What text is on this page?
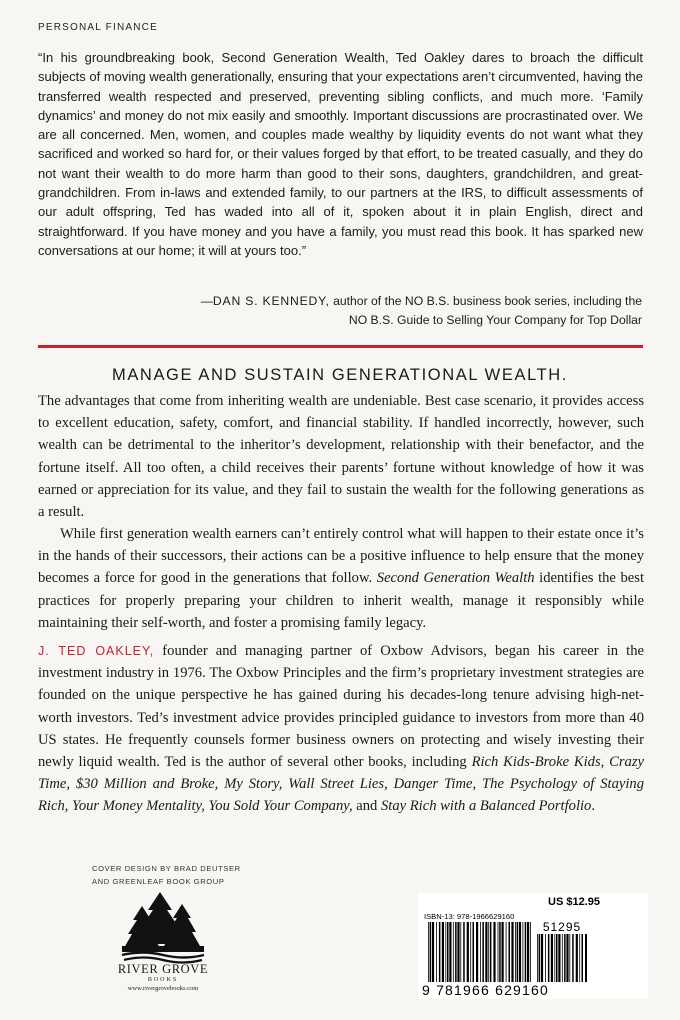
PERSONAL FINANCE
“In his groundbreaking book, Second Generation Wealth, Ted Oakley dares to broach the difficult subjects of moving wealth generationally, ensuring that your expectations aren’t circumvented, having the transferred wealth respected and preserved, preventing sibling conflicts, and much more. ‘Family dynamics’ and money do not mix easily and smoothly. Important discussions are procrastinated over. We are all concerned. Men, women, and couples made wealthy by liquidity events do not want what they sacrificed and worked so hard for, or their values forged by that effort, to be treated casually, and they do not want their wealth to do more harm than good to their sons, daughters, grandchildren, and great-grandchildren. From in-laws and extended family, to our partners at the IRS, to difficult assessments of our adult offspring, Ted has waded into all of it, spoken about it in plain English, direct and straightforward. If you have money and you have a family, you must read this book. It has sparked new conversations at our home; it will at yours too.”
—DAN S. KENNEDY, author of the NO B.S. business book series, including the
NO B.S. Guide to Selling Your Company for Top Dollar
MANAGE AND SUSTAIN GENERATIONAL WEALTH.

The advantages that come from inheriting wealth are undeniable. Best case scenario, it provides access to excellent education, safety, comfort, and financial stability. If handled incorrectly, however, such wealth can be detrimental to the inheritor’s development, relationship with their benefactor, and the fortune itself. All too often, a child receives their parents’ fortune without knowledge of how it was earned or appreciation for its value, and they fail to sustain the wealth for the following generations as a result.

While first generation wealth earners can’t entirely control what will happen to their estate once it’s in the hands of their successors, their actions can be a positive influence to help ensure that the money becomes a force for good in the generations that follow. Second Generation Wealth identifies the best practices for properly preparing your children to inherit wealth, manage it responsibly while maintaining their self-worth, and foster a promising family legacy.

J. TED OAKLEY, founder and managing partner of Oxbow Advisors, began his career in the investment industry in 1976. The Oxbow Principles and the firm’s proprietary investment strategies are founded on the unique perspective he has gained during his decades-long tenure advising high-net-worth investors. Ted’s investment advice provides principled guidance to investors from more than 40 US states. He frequently counsels former business owners on protecting and wisely investing their newly liquid wealth. Ted is the author of several other books, including Rich Kids-Broke Kids, Crazy Time, $30 Million and Broke, My Story, Wall Street Lies, Danger Time, The Psychology of Staying Rich, Your Money Mentality, You Sold Your Company, and Stay Rich with a Balanced Portfolio.

COVER DESIGN BY BRAD DEUTSER
AND GREENLEAF BOOK GROUP
RIVER GROVE
BOOKS
www.rivergrovebooks.com
US $12.95
ISBN-13: 978-1966629160
51295
9 781966 629160
